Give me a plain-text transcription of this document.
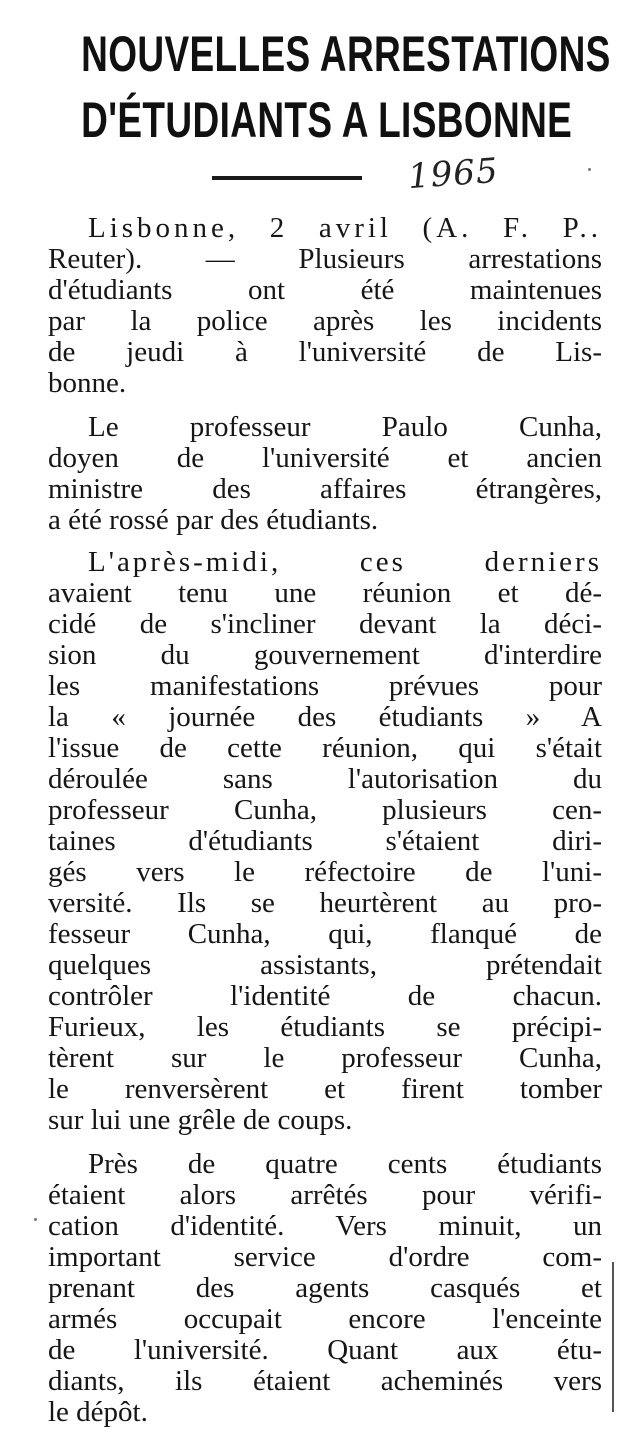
NOUVELLES ARRESTATIONS
D'ÉTUDIANTS A LISBONNE
1965
Lisbonne, 2 avril (A. F. P..
Reuter). — Plusieurs arrestations
d'étudiants ont été maintenues
par la police après les incidents
de jeudi à l'université de Lis-
bonne.
Le professeur Paulo Cunha,
doyen de l'université et ancien
ministre des affaires étrangères,
a été rossé par des étudiants.
L'après-midi, ces derniers
avaient tenu une réunion et dé-
cidé de s'incliner devant la déci-
sion du gouvernement d'interdire
les manifestations prévues pour
la « journée des étudiants » A
l'issue de cette réunion, qui s'était
déroulée sans l'autorisation du
professeur Cunha, plusieurs cen-
taines d'étudiants s'étaient diri-
gés vers le réfectoire de l'uni-
versité. Ils se heurtèrent au pro-
fesseur Cunha, qui, flanqué de
quelques assistants, prétendait
contrôler l'identité de chacun.
Furieux, les étudiants se précipi-
tèrent sur le professeur Cunha,
le renversèrent et firent tomber
sur lui une grêle de coups.
Près de quatre cents étudiants
étaient alors arrêtés pour vérifi-
cation d'identité. Vers minuit, un
important service d'ordre com-
prenant des agents casqués et
armés occupait encore l'enceinte
de l'université. Quant aux étu-
diants, ils étaient acheminés vers
le dépôt.
